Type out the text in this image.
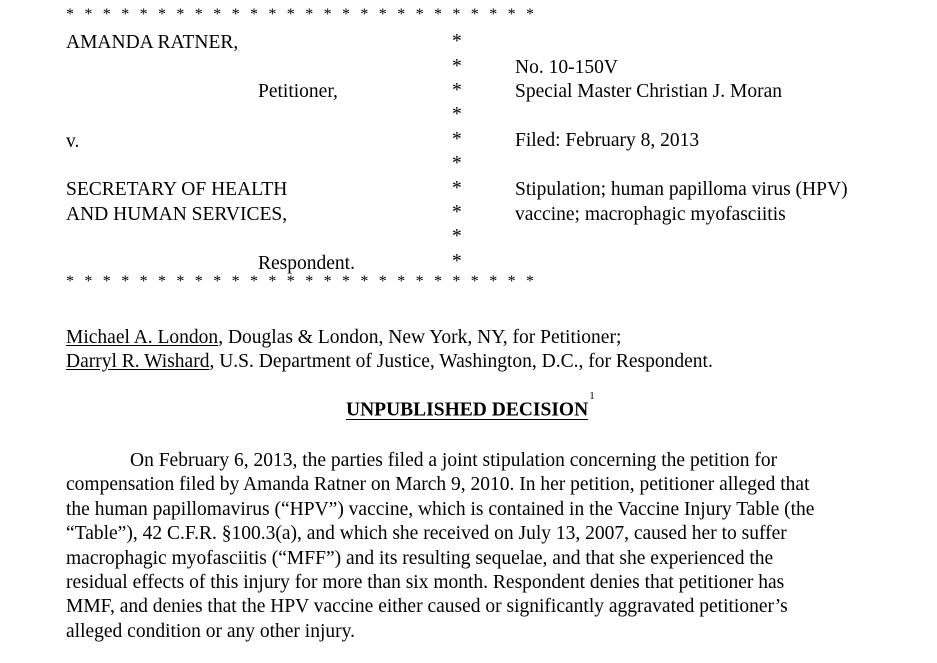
* * * * * * * * * * * * * * * * * * * * * * * * * *
AMANDA RATNER,
Petitioner,
v.
SECRETARY OF HEALTH
AND HUMAN SERVICES,
Respondent.
*
*
*
*
*
*
*
*
*
*
* * * * * * * * * * * * * * * * * * * * * * * * * *
No. 10-150V
Special Master Christian J. Moran
Filed: February 8, 2013
Stipulation; human papilloma virus (HPV)
vaccine; macrophagic myofasciitis
Michael A. London, Douglas & London, New York, NY, for Petitioner;
Darryl R. Wishard, U.S. Department of Justice, Washington, D.C., for Respondent.
UNPUBLISHED DECISION$^1$
On February 6, 2013, the parties filed a joint stipulation concerning the petition for
compensation filed by Amanda Ratner on March 9, 2010. In her petition, petitioner alleged that
the human papillomavirus (“HPV”) vaccine, which is contained in the Vaccine Injury Table (the
“Table”), 42 C.F.R. §100.3(a), and which she received on July 13, 2007, caused her to suffer
macrophagic myofasciitis (“MFF”) and its resulting sequelae, and that she experienced the
residual effects of this injury for more than six month. Respondent denies that petitioner has
MMF, and denies that the HPV vaccine either caused or significantly aggravated petitioner’s
alleged condition or any other injury.
